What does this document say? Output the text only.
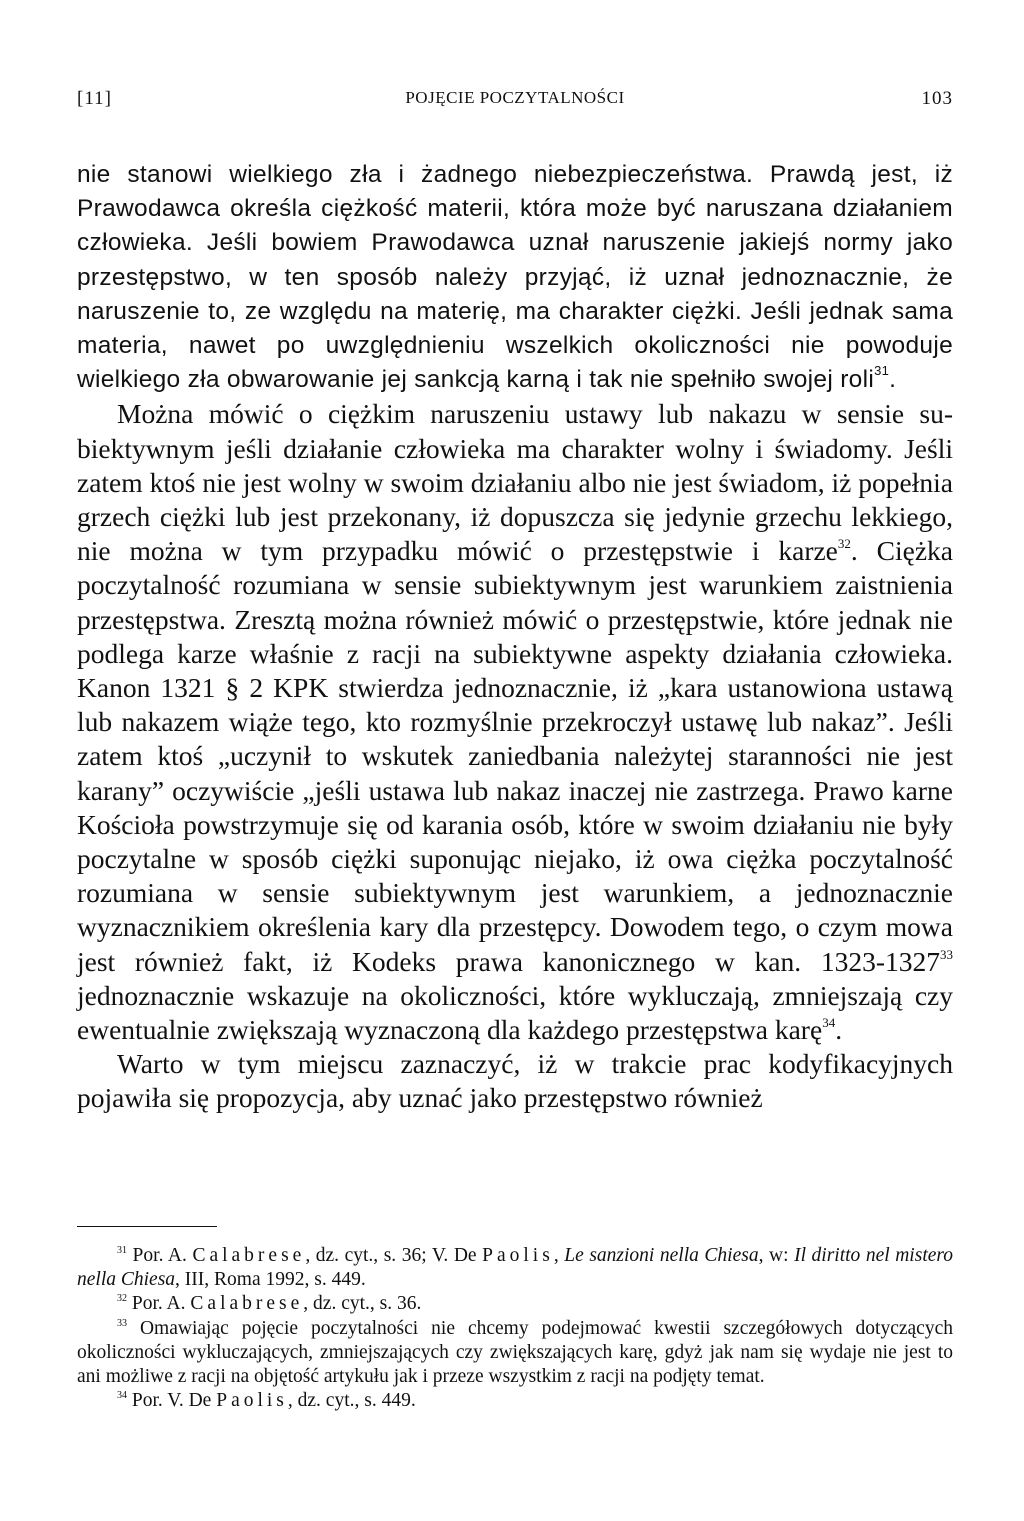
[11]	POJĘCIE POCZYTALNOŚCI	103

nie stanowi wielkiego zła i żadnego niebezpieczeństwa. Prawdą jest, iż Prawodawca określa ciężkość materii, która może być naruszana działaniem człowieka. Jeśli bowiem Prawodawca uznał naruszenie jakiejś normy jako przestępstwo, w ten sposób należy przyjąć, iż uznał jednoznacznie, że naruszenie to, ze względu na materię, ma charakter ciężki. Jeśli jednak sama materia, nawet po uwzględnieniu wszelkich okoliczności nie powoduje wielkiego zła obwarowanie jej sankcją karną i tak nie spełniło swojej roli$^{31}$.

Można mówić o ciężkim naruszeniu ustawy lub nakazu w sensie subiektywnym jeśli działanie człowieka ma charakter wolny i świadomy. Jeśli zatem ktoś nie jest wolny w swoim działaniu albo nie jest świadom, iż popełnia grzech ciężki lub jest przekonany, iż dopuszcza się jedynie grzechu lekkiego, nie można w tym przypadku mówić o przestępstwie i karze$^{32}$. Ciężka poczytalność rozumiana w sensie subiektywnym jest warunkiem zaistnienia przestępstwa. Zresztą można również mówić o przestępstwie, które jednak nie podlega karze właśnie z racji na subiektywne aspekty działania człowieka. Kanon 1321 § 2 KPK stwierdza jednoznacznie, iż „kara ustanowiona ustawą lub nakazem wiąże tego, kto rozmyślnie przekroczył ustawę lub nakaz”. Jeśli zatem ktoś „uczynił to wskutek zaniedbania należytej staranności nie jest karany” oczywiście „jeśli ustawa lub nakaz inaczej nie zastrzega. Prawo karne Kościoła powstrzymuje się od karania osób, które w swoim działaniu nie były poczytalne w sposób ciężki suponując niejako, iż owa ciężka poczytalność rozumiana w sensie subiektywnym jest warunkiem, a jednoznacznie wyznacznikiem określenia kary dla przestępcy. Dowodem tego, o czym mowa jest również fakt, iż Kodeks prawa kanonicznego w kan. 1323-1327$^{33}$ jednoznacznie wskazuje na okoliczności, które wykluczają, zmniejszają czy ewentualnie zwiększają wyznaczoną dla każdego przestępstwa karę$^{34}$.

Warto w tym miejscu zaznaczyć, iż w trakcie prac kodyfikacyjnych pojawiła się propozycja, aby uznać jako przestępstwo również

$^{31}$ Por. A. Calabrese, dz. cyt., s. 36; V. De Paolis, Le sanzioni nella Chiesa, w: Il diritto nel mistero nella Chiesa, III, Roma 1992, s. 449.

$^{32}$ Por. A. Calabrese, dz. cyt., s. 36.

$^{33}$ Omawiając pojęcie poczytalności nie chcemy podejmować kwestii szczegółowych dotyczących okoliczności wykluczających, zmniejszających czy zwiększających karę, gdyż jak nam się wydaje nie jest to ani możliwe z racji na objętość artykułu jak i przeze wszystkim z racji na podjęty temat.

$^{34}$ Por. V. De Paolis, dz. cyt., s. 449.
